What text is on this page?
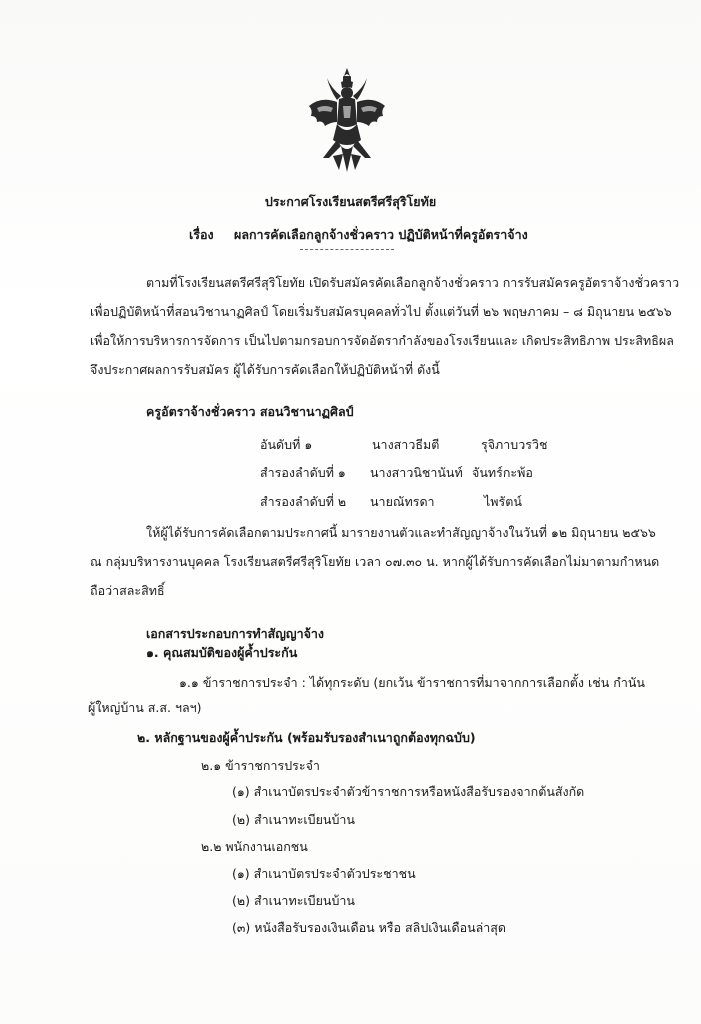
ประกาศโรงเรียนสตรีศรีสุริโยทัย
เรื่อง ผลการคัดเลือกลูกจ้างชั่วคราว ปฏิบัติหน้าที่ครูอัตราจ้าง
ตามที่โรงเรียนสตรีศรีสุริโยทัย เปิดรับสมัครคัดเลือกลูกจ้างชั่วคราว การรับสมัครครูอัตราจ้างชั่วคราว
เพื่อปฏิบัติหน้าที่สอนวิชานาฏศิลป์ โดยเริ่มรับสมัครบุคคลทั่วไป ตั้งแต่วันที่ ๒๖ พฤษภาคม – ๘ มิถุนายน ๒๕๖๖
เพื่อให้การบริหารการจัดการ เป็นไปตามกรอบการจัดอัตรากำลังของโรงเรียนและ เกิดประสิทธิภาพ ประสิทธิผล
จึงประกาศผลการรับสมัคร ผู้ได้รับการคัดเลือกให้ปฏิบัติหน้าที่ ดังนี้
ครูอัตราจ้างชั่วคราว สอนวิชานาฏศิลป์
อันดับที่ ๑	นางสาวธีมตี	รุจิภาบวรวิช
สำรองลำดับที่ ๑ นางสาวนิชานันท์ จันทร์กะพ้อ
สำรองลำดับที่ ๒ นายณัทรดา	ไพรัตน์
ให้ผู้ได้รับการคัดเลือกตามประกาศนี้ มารายงานตัวและทำสัญญาจ้างในวันที่ ๑๒ มิถุนายน ๒๕๖๖
ณ กลุ่มบริหารงานบุคคล โรงเรียนสตรีศรีสุริโยทัย เวลา ๐๗.๓๐ น. หากผู้ได้รับการคัดเลือกไม่มาตามกำหนด
ถือว่าสละสิทธิ์
เอกสารประกอบการทำสัญญาจ้าง
๑. คุณสมบัติของผู้ค้ำประกัน
๑.๑ ข้าราชการประจำ : ได้ทุกระดับ (ยกเว้น ข้าราชการที่มาจากการเลือกตั้ง เช่น กำนัน
ผู้ใหญ่บ้าน ส.ส. ฯลฯ)
๒. หลักฐานของผู้ค้ำประกัน (พร้อมรับรองสำเนาถูกต้องทุกฉบับ)
๒.๑ ข้าราชการประจำ
(๑) สำเนาบัตรประจำตัวข้าราชการหรือหนังสือรับรองจากต้นสังกัด
(๒) สำเนาทะเบียนบ้าน
๒.๒ พนักงานเอกชน
(๑) สำเนาบัตรประจำตัวประชาชน
(๒) สำเนาทะเบียนบ้าน
(๓) หนังสือรับรองเงินเดือน หรือ สลิปเงินเดือนล่าสุด
